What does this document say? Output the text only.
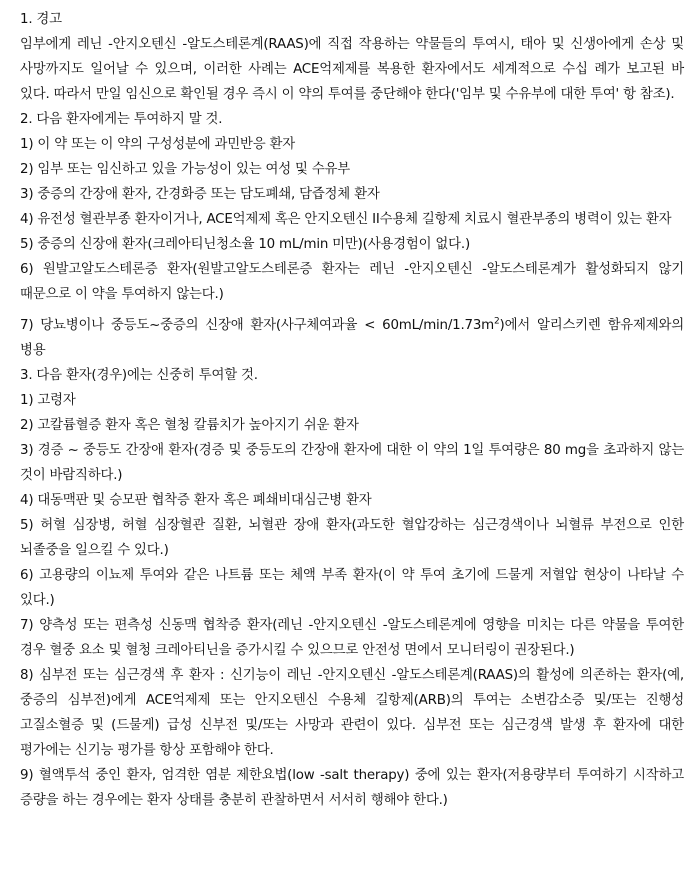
1. 경고

임부에게 레닌 -안지오텐신 -알도스테론계(RAAS)에 직접 작용하는 약물들의 투여시, 태아 및 신생아에게 손상 및 사망까지도 일어날 수 있으며, 이러한 사례는 ACE억제제를 복용한 환자에서도 세계적으로 수십 례가 보고된 바 있다. 따라서 만일 임신으로 확인될 경우 즉시 이 약의 투여를 중단해야 한다('임부 및 수유부에 대한 투여' 항 참조).

2. 다음 환자에게는 투여하지 말 것.

1) 이 약 또는 이 약의 구성성분에 과민반응 환자

2) 임부 또는 임신하고 있을 가능성이 있는 여성 및 수유부

3) 중증의 간장애 환자, 간경화증 또는 담도폐쇄, 담즙정체 환자

4) 유전성 혈관부종 환자이거나, ACE억제제 혹은 안지오텐신 II수용체 길항제 치료시 혈관부종의 병력이 있는 환자

5) 중증의 신장애 환자(크레아티닌청소율 10 mL/min 미만)(사용경험이 없다.)

6) 원발고알도스테론증 환자(원발고알도스테론증 환자는 레닌 -안지오텐신 -알도스테론계가 활성화되지 않기 때문으로 이 약을 투여하지 않는다.)

7) 당뇨병이나 중등도~중증의 신장애 환자(사구체여과율 < $60mL/\min/1.73m^2$)에서 알리스키렌 함유제제와의 병용

3. 다음 환자(경우)에는 신중히 투여할 것.

1) 고령자

2) 고칼륨혈증 환자 혹은 혈청 칼륨치가 높아지기 쉬운 환자

3) 경증 ~ 중등도 간장애 환자(경증 및 중등도의 간장애 환자에 대한 이 약의 1일 투여량은 80 mg을 초과하지 않는 것이 바람직하다.)

4) 대동맥판 및 승모판 협착증 환자 혹은 폐쇄비대심근병 환자

5) 허혈 심장병, 허혈 심장혈관 질환, 뇌혈관 장애 환자(과도한 혈압강하는 심근경색이나 뇌혈류 부전으로 인한 뇌졸중을 일으킬 수 있다.)

6) 고용량의 이뇨제 투여와 같은 나트륨 또는 체액 부족 환자(이 약 투여 초기에 드물게 저혈압 현상이 나타날 수 있다.)

7) 양측성 또는 편측성 신동맥 협착증 환자(레닌 -안지오텐신 -알도스테론계에 영향을 미치는 다른 약물을 투여한 경우 혈중 요소 및 혈청 크레아티닌을 증가시킬 수 있으므로 안전성 면에서 모니터링이 권장된다.)

8) 심부전 또는 심근경색 후 환자 : 신기능이 레닌 -안지오텐신 -알도스테론계(RAAS)의 활성에 의존하는 환자(예, 중증의 심부전)에게 ACE억제제 또는 안지오텐신 수용체 길항제(ARB)의 투여는 소변감소증 및/또는 진행성 고질소혈증 및 (드물게) 급성 신부전 및/또는 사망과 관련이 있다. 심부전 또는 심근경색 발생 후 환자에 대한 평가에는 신기능 평가를 항상 포함해야 한다.

9) 혈액투석 중인 환자, 엄격한 염분 제한요법(low -salt therapy) 중에 있는 환자(저용량부터 투여하기 시작하고 증량을 하는 경우에는 환자 상태를 충분히 관찰하면서 서서히 행해야 한다.)
